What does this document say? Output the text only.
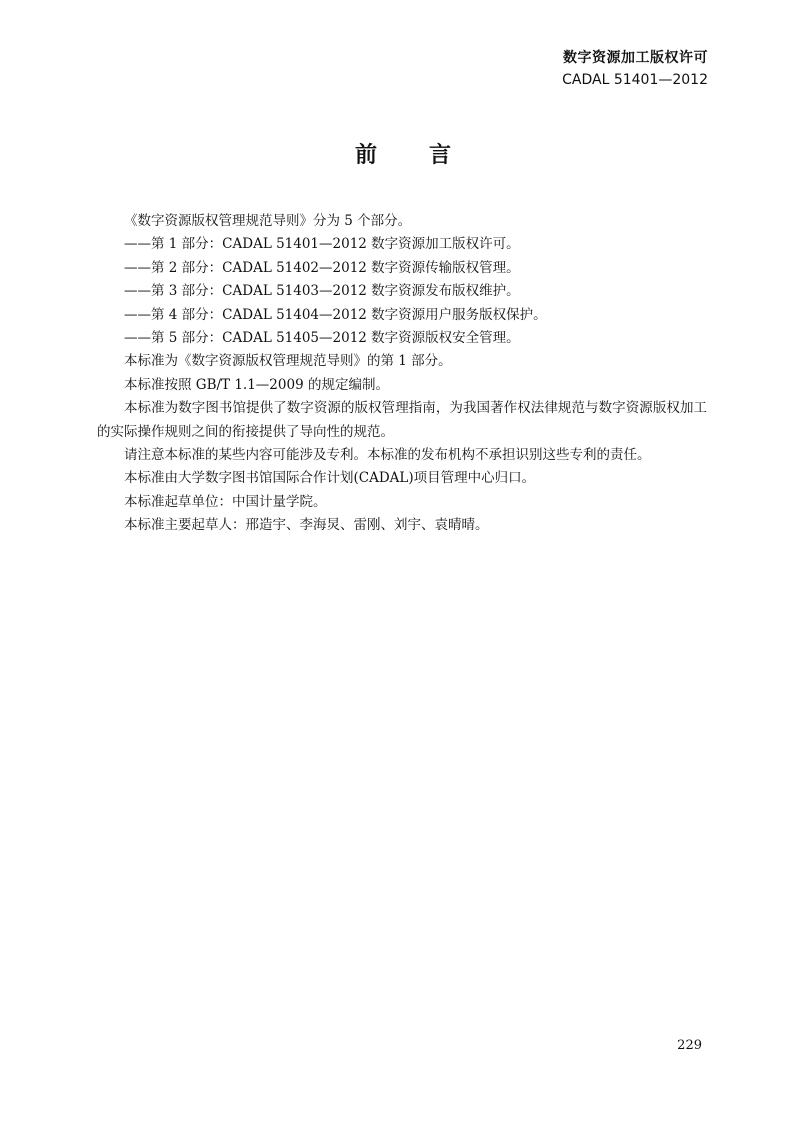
数字资源加工版权许可
CADAL 51401—2012
前 言

《数字资源版权管理规范导则》分为 5 个部分。

——第 1 部分：CADAL 51401—2012 数字资源加工版权许可。

——第 2 部分：CADAL 51402—2012 数字资源传输版权管理。

——第 3 部分：CADAL 51403—2012 数字资源发布版权维护。

——第 4 部分：CADAL 51404—2012 数字资源用户服务版权保护。

——第 5 部分：CADAL 51405—2012 数字资源版权安全管理。

本标准为《数字资源版权管理规范导则》的第 1 部分。

本标准按照 GB/T 1.1—2009 的规定编制。

本标准为数字图书馆提供了数字资源的版权管理指南，为我国著作权法律规范与数字资源版权加工的实际操作规则之间的衔接提供了导向性的规范。

请注意本标准的某些内容可能涉及专利。本标准的发布机构不承担识别这些专利的责任。

本标准由大学数字图书馆国际合作计划(CADAL)项目管理中心归口。

本标准起草单位：中国计量学院。

本标准主要起草人：邢造宇、李海炅、雷刚、刘宇、袁晴晴。

229
